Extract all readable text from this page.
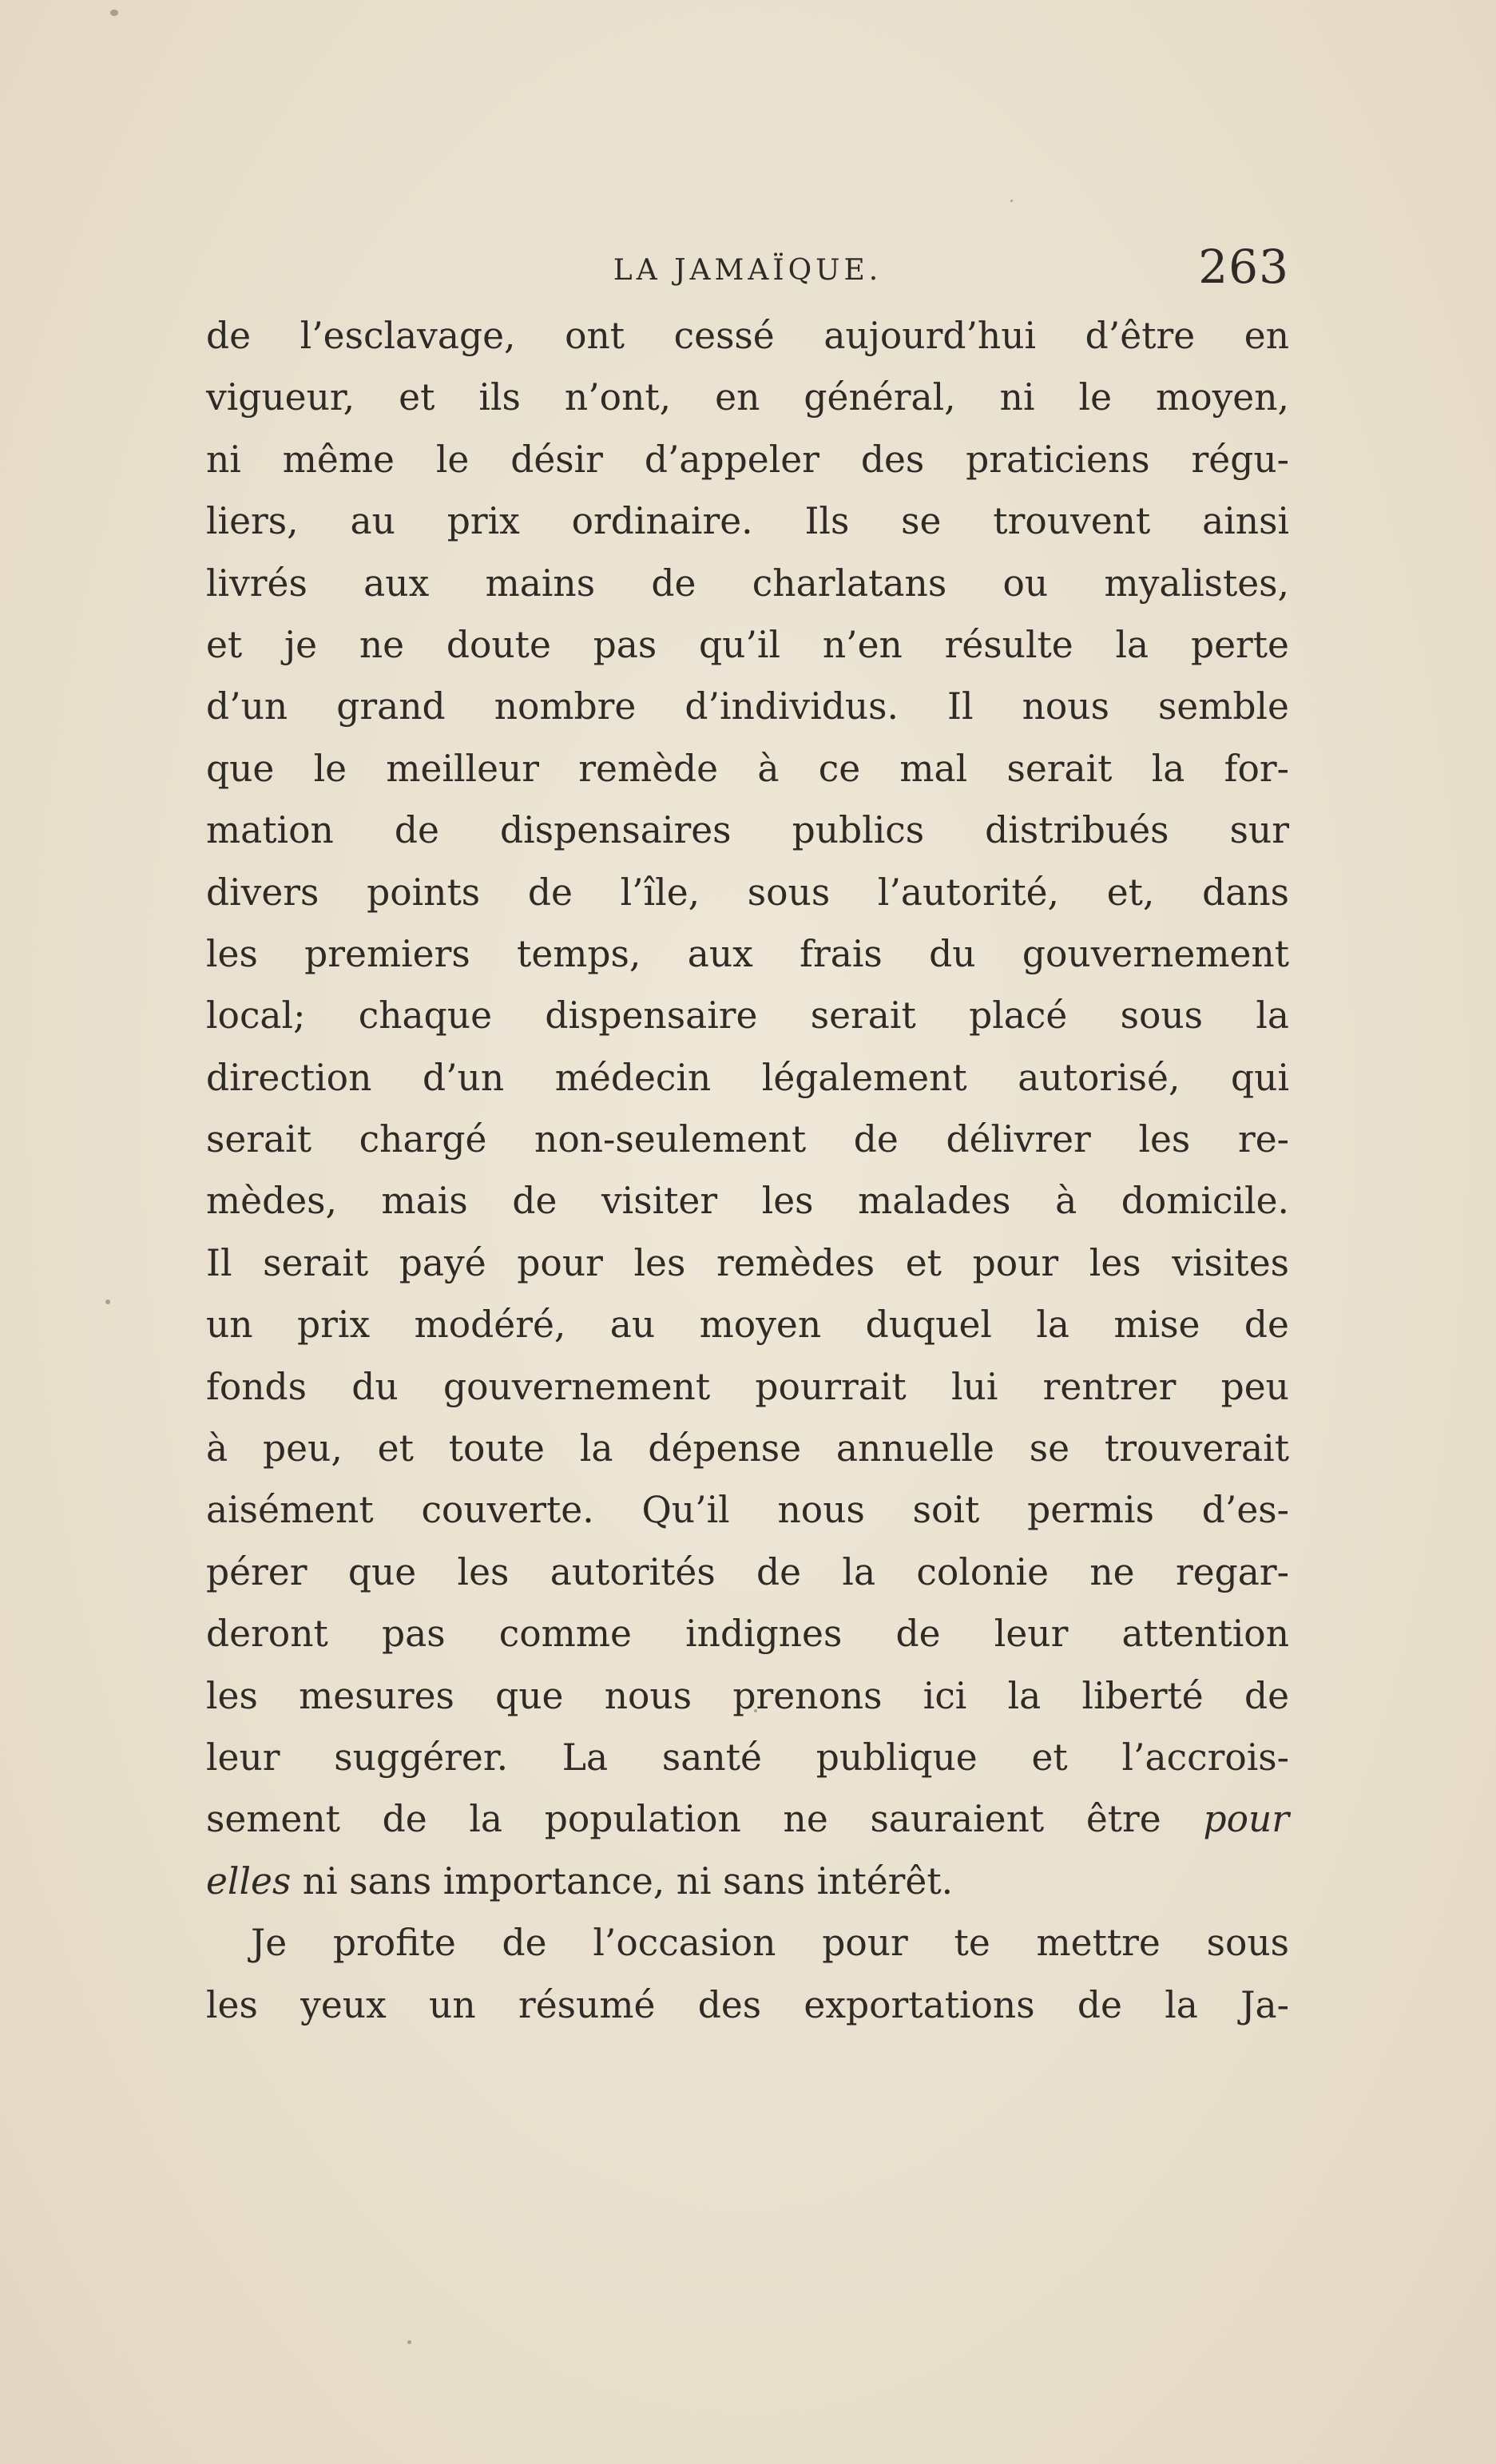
LA JAMAÏQUE.	263
de l’esclavage, ont cessé aujourd’hui d’être en
vigueur, et ils n’ont, en général, ni le moyen,
ni même le désir d’appeler des praticiens régu-
liers, au prix ordinaire. Ils se trouvent ainsi
livrés aux mains de charlatans ou myalistes,
et je ne doute pas qu’il n’en résulte la perte
d’un grand nombre d’individus. Il nous semble
que le meilleur remède à ce mal serait la for-
mation de dispensaires publics distribués sur
divers points de l’île, sous l’autorité, et, dans
les premiers temps, aux frais du gouvernement
local; chaque dispensaire serait placé sous la
direction d’un médecin légalement autorisé, qui
serait chargé non-seulement de délivrer les re-
mèdes, mais de visiter les malades à domicile.
Il serait payé pour les remèdes et pour les visites
un prix modéré, au moyen duquel la mise de
fonds du gouvernement pourrait lui rentrer peu
à peu, et toute la dépense annuelle se trouverait
aisément couverte. Qu’il nous soit permis d’es-
pérer que les autorités de la colonie ne regar-
deront pas comme indignes de leur attention
les mesures que nous prenons ici la liberté de
leur suggérer. La santé publique et l’accrois-
sement de la population ne sauraient être pour
elles ni sans importance, ni sans intérêt.
Je profite de l’occasion pour te mettre sous
les yeux un résumé des exportations de la Ja-
